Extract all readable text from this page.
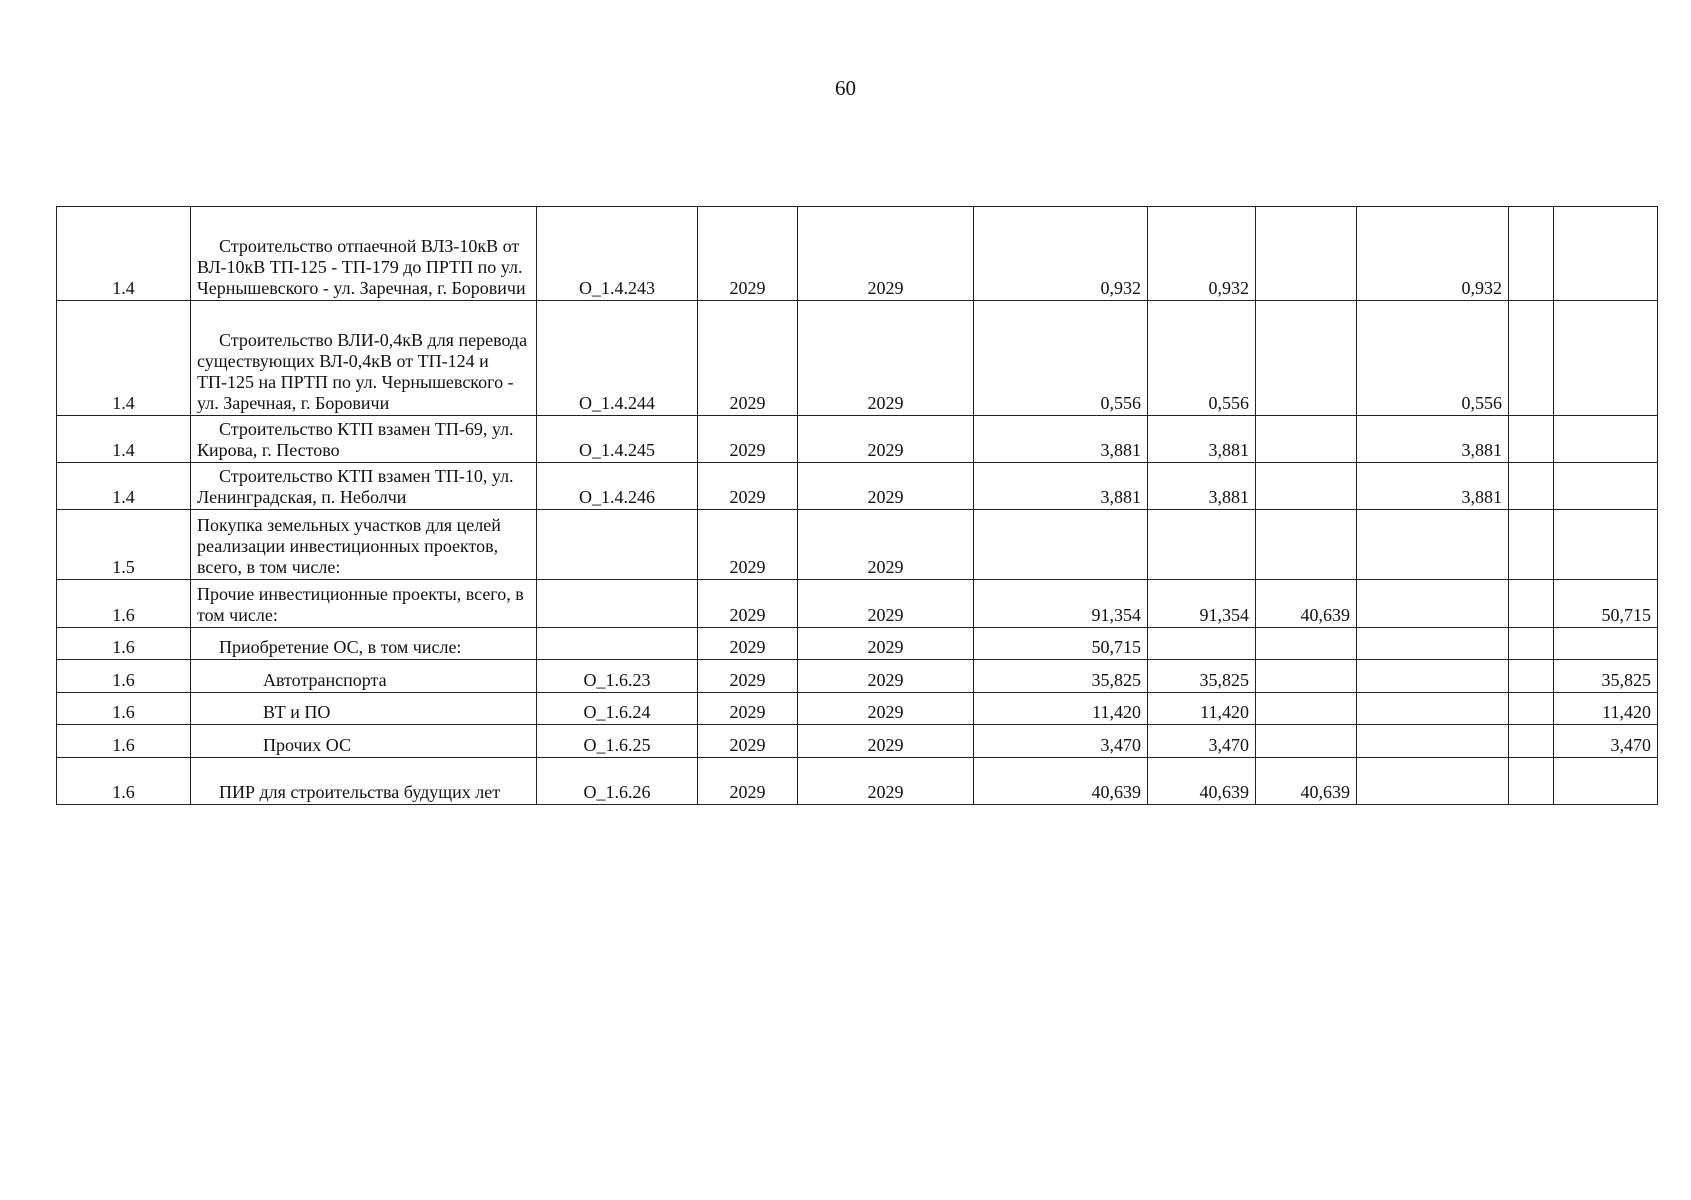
60
1.4	Строительство отпаечной ВЛЗ-10кВ от ВЛ-10кВ ТП-125 - ТП-179 до ПРТП по ул. Чернышевского - ул. Заречная, г. Боровичи	О_1.4.243	2029	2029	0,932	0,932		0,932		
1.4	Строительство ВЛИ-0,4кВ для перевода существующих ВЛ-0,4кВ от ТП-124 и ТП-125 на ПРТП по ул. Чернышевского - ул. Заречная, г. Боровичи	О_1.4.244	2029	2029	0,556	0,556		0,556		
1.4	Строительство КТП взамен ТП-69, ул. Кирова, г. Пестово	О_1.4.245	2029	2029	3,881	3,881		3,881		
1.4	Строительство КТП взамен ТП-10, ул. Ленинградская, п. Неболчи	О_1.4.246	2029	2029	3,881	3,881		3,881		
1.5	Покупка земельных участков для целей реализации инвестиционных проектов, всего, в том числе:		2029	2029						
1.6	Прочие инвестиционные проекты, всего, в том числе:		2029	2029	91,354	91,354	40,639			50,715
1.6	Приобретение ОС, в том числе:		2029	2029	50,715					
1.6	Автотранспорта	О_1.6.23	2029	2029	35,825	35,825				35,825
1.6	ВТ и ПО	О_1.6.24	2029	2029	11,420	11,420				11,420
1.6	Прочих ОС	О_1.6.25	2029	2029	3,470	3,470				3,470
1.6	ПИР для строительства будущих лет	О_1.6.26	2029	2029	40,639	40,639	40,639			
